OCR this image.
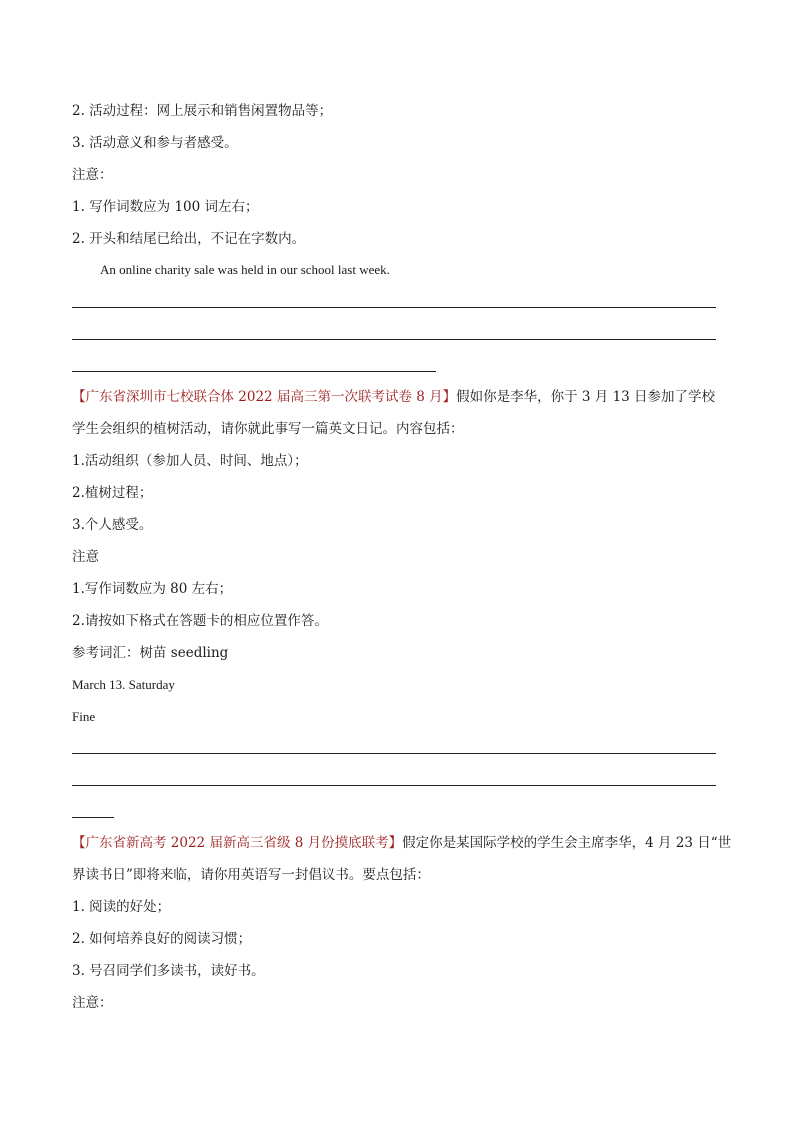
2. 活动过程：网上展示和销售闲置物品等；
3. 活动意义和参与者感受。
注意：
1. 写作词数应为 100 词左右；
2. 开头和结尾已给出，不记在字数内。
An online charity sale was held in our school last week.
【广东省深圳市七校联合体 2022 届高三第一次联考试卷 8 月】假如你是李华，你于 3 月 13 日参加了学校
学生会组织的植树活动，请你就此事写一篇英文日记。内容包括：
1.活动组织（参加人员、时间、地点）；
2.植树过程；
3.个人感受。
注意
1.写作词数应为 80 左右；
2.请按如下格式在答题卡的相应位置作答。
参考词汇：树苗 seedling
March 13. Saturday
Fine
【广东省新高考 2022 届新高三省级 8 月份摸底联考】假定你是某国际学校的学生会主席李华，4 月 23 日“世
界读书日”即将来临，请你用英语写一封倡议书。要点包括：
1. 阅读的好处；
2. 如何培养良好的阅读习惯；
3. 号召同学们多读书，读好书。
注意：
